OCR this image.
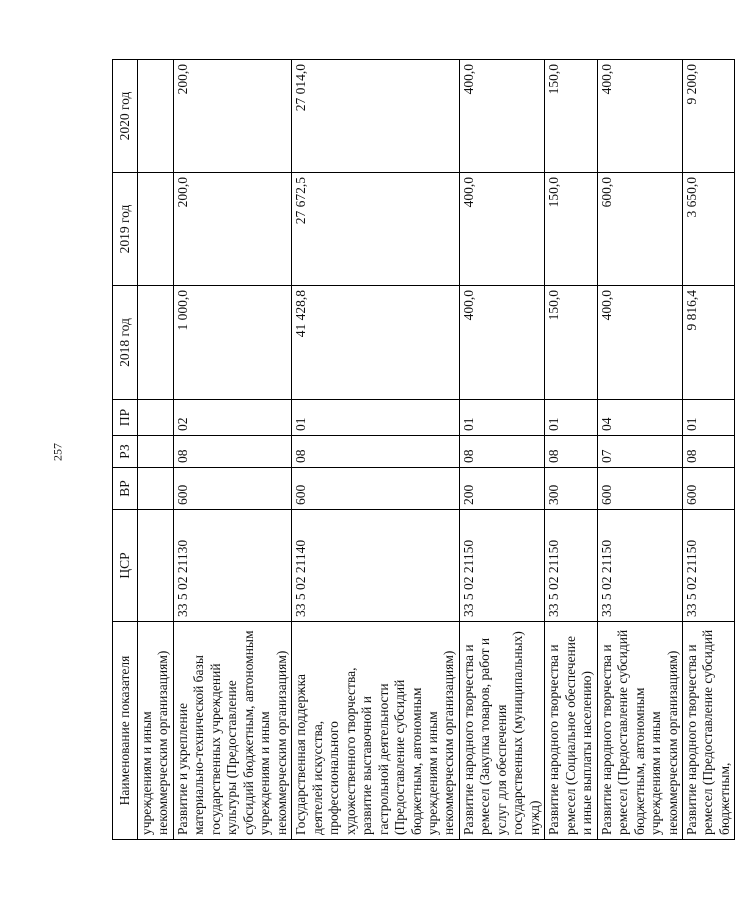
257
Наименование показателя	ЦСР	ВР	РЗ	ПР	2018 год	2019 год	2020 год
учреждениям и иным некоммерческим организациям)							
Развитие и укрепление материально-технической базы государственных учреждений культуры (Предоставление субсидий бюджетным, автономным учреждениям и иным некоммерческим организациям)	33 5 02 21130	600	08	02	1 000,0	200,0	200,0
Государственная поддержка деятелей искусства, профессионального художественного творчества, развитие выставочной и гастрольной деятельности (Предоставление субсидий бюджетным, автономным учреждениям и иным некоммерческим организациям)	33 5 02 21140	600	08	01	41 428,8	27 672,5	27 014,0
Развитие народного творчества и ремесел (Закупка товаров, работ и услуг для обеспечения государственных (муниципальных) нужд)	33 5 02 21150	200	08	01	400,0	400,0	400,0
Развитие народного творчества и ремесел (Социальное обеспечение и иные выплаты населению)	33 5 02 21150	300	08	01	150,0	150,0	150,0
Развитие народного творчества и ремесел (Предоставление субсидий бюджетным, автономным учреждениям и иным некоммерческим организациям)	33 5 02 21150	600	07	04	400,0	600,0	400,0
Развитие народного творчества и ремесел (Предоставление субсидий бюджетным,	33 5 02 21150	600	08	01	9 816,4	3 650,0	9 200,0
